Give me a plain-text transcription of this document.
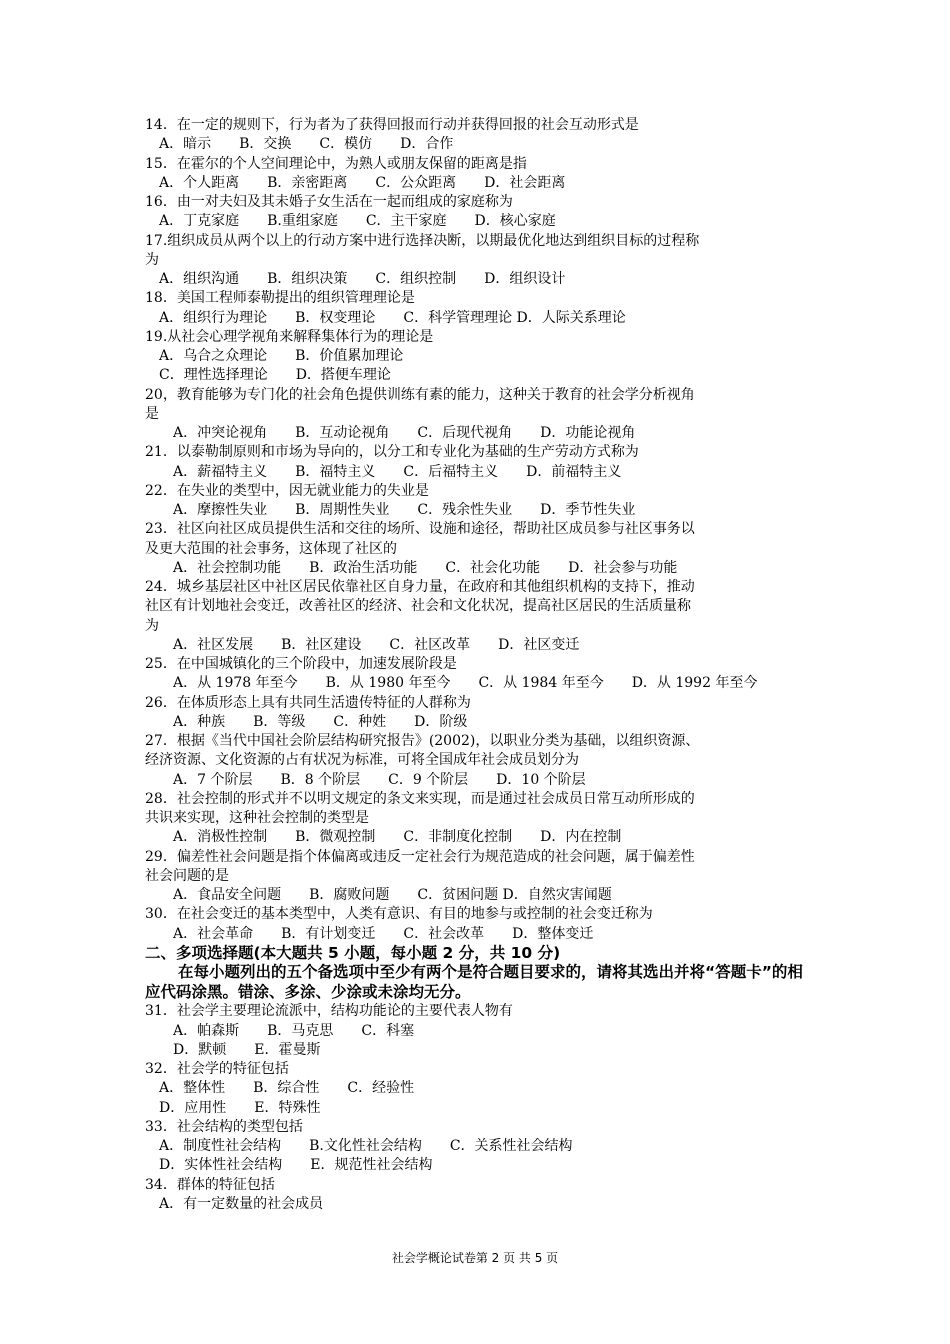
14．在一定的规则下，行为者为了获得回报而行动并获得回报的社会互动形式是
A．暗示　　B．交换　　C．模仿　　D．合作
15．在霍尔的个人空间理论中，为熟人或朋友保留的距离是指
A．个人距离　　B．亲密距离　　C．公众距离　　D．社会距离
16．由一对夫妇及其未婚子女生活在一起而组成的家庭称为
A．丁克家庭　　B.重组家庭　　C．主干家庭　　D．核心家庭
17.组织成员从两个以上的行动方案中进行选择决断，以期最优化地达到组织目标的过程称
为
A．组织沟通　　B．组织决策　　C．组织控制　　D．组织设计
18．美国工程师泰勒提出的组织管理理论是
A．组织行为理论　　B．权变理论　　C．科学管理理论 D．人际关系理论
19.从社会心理学视角来解释集体行为的理论是
A．乌合之众理论　　B．价值累加理论
C．理性选择理论　　D．搭便车理论
20，教育能够为专门化的社会角色提供训练有素的能力，这种关于教育的社会学分析视角
是
A．冲突论视角　　B．互动论视角　　C．后现代视角　　D．功能论视角
21．以泰勒制原则和市场为导向的，以分工和专业化为基础的生产劳动方式称为
A．薪福特主义　　B．福特主义　　C．后福特主义　　D．前福特主义
22．在失业的类型中，因无就业能力的失业是
A．摩擦性失业　　B．周期性失业　　C．残余性失业　　D．季节性失业
23．社区向社区成员提供生活和交往的场所、设施和途径，帮助社区成员参与社区事务以
及更大范围的社会事务，这体现了社区的
A．社会控制功能　　B．政治生活功能　　C．社会化功能　　D．社会参与功能
24．城乡基层社区中社区居民依靠社区自身力量，在政府和其他组织机构的支持下，推动
社区有计划地社会变迁，改善社区的经济、社会和文化状况，提高社区居民的生活质量称
为
A．社区发展　　B．社区建设　　C．社区改革　　D．社区变迁
25．在中国城镇化的三个阶段中，加速发展阶段是
A．从 1978 年至今　　B．从 1980 年至今　　C．从 1984 年至今　　D．从 1992 年至今
26．在体质形态上具有共同生活遗传特征的人群称为
A．种族　　B．等级　　C．种姓　　D．阶级
27．根据《当代中国社会阶层结构研究报告》(2002)，以职业分类为基础，以组织资源、
经济资源、文化资源的占有状况为标准，可将全国成年社会成员划分为
A．7 个阶层　　B．8 个阶层　　C．9 个阶层　　D．10 个阶层
28．社会控制的形式并不以明文规定的条文来实现，而是通过社会成员日常互动所形成的
共识来实现，这种社会控制的类型是
A．消极性控制　　B．微观控制　　C．非制度化控制　　D．内在控制
29．偏差性社会问题是指个体偏离或违反一定社会行为规范造成的社会问题，属于偏差性
社会问题的是
A．食品安全问题　　B．腐败问题　　C．贫困问题 D．自然灾害闻题
30．在社会变迁的基本类型中，人类有意识、有目的地参与或控制的社会变迁称为
A．社会革命　　B．有计划变迁　　C．社会改革　　D．整体变迁
二、多项选择题(本大题共 5 小题，每小题 2 分，共 10 分)
在每小题列出的五个备选项中至少有两个是符合题目要求的，请将其选出并将“答题卡”的相应代码涂黑。错涂、多涂、少涂或未涂均无分。
31．社会学主要理论流派中，结构功能论的主要代表人物有
A．帕森斯　　B．马克思　　C．科塞
D．默顿　　E．霍曼斯
32．社会学的特征包括
A．整体性　　B．综合性　　C．经验性
D．应用性　　E．特殊性
33．社会结构的类型包括
A．制度性社会结构　　B.文化性社会结构　　C．关系性社会结构
D．实体性社会结构　　E．规范性社会结构
34．群体的特征包括
A．有一定数量的社会成员
社会学概论试卷第 2 页 共 5 页
